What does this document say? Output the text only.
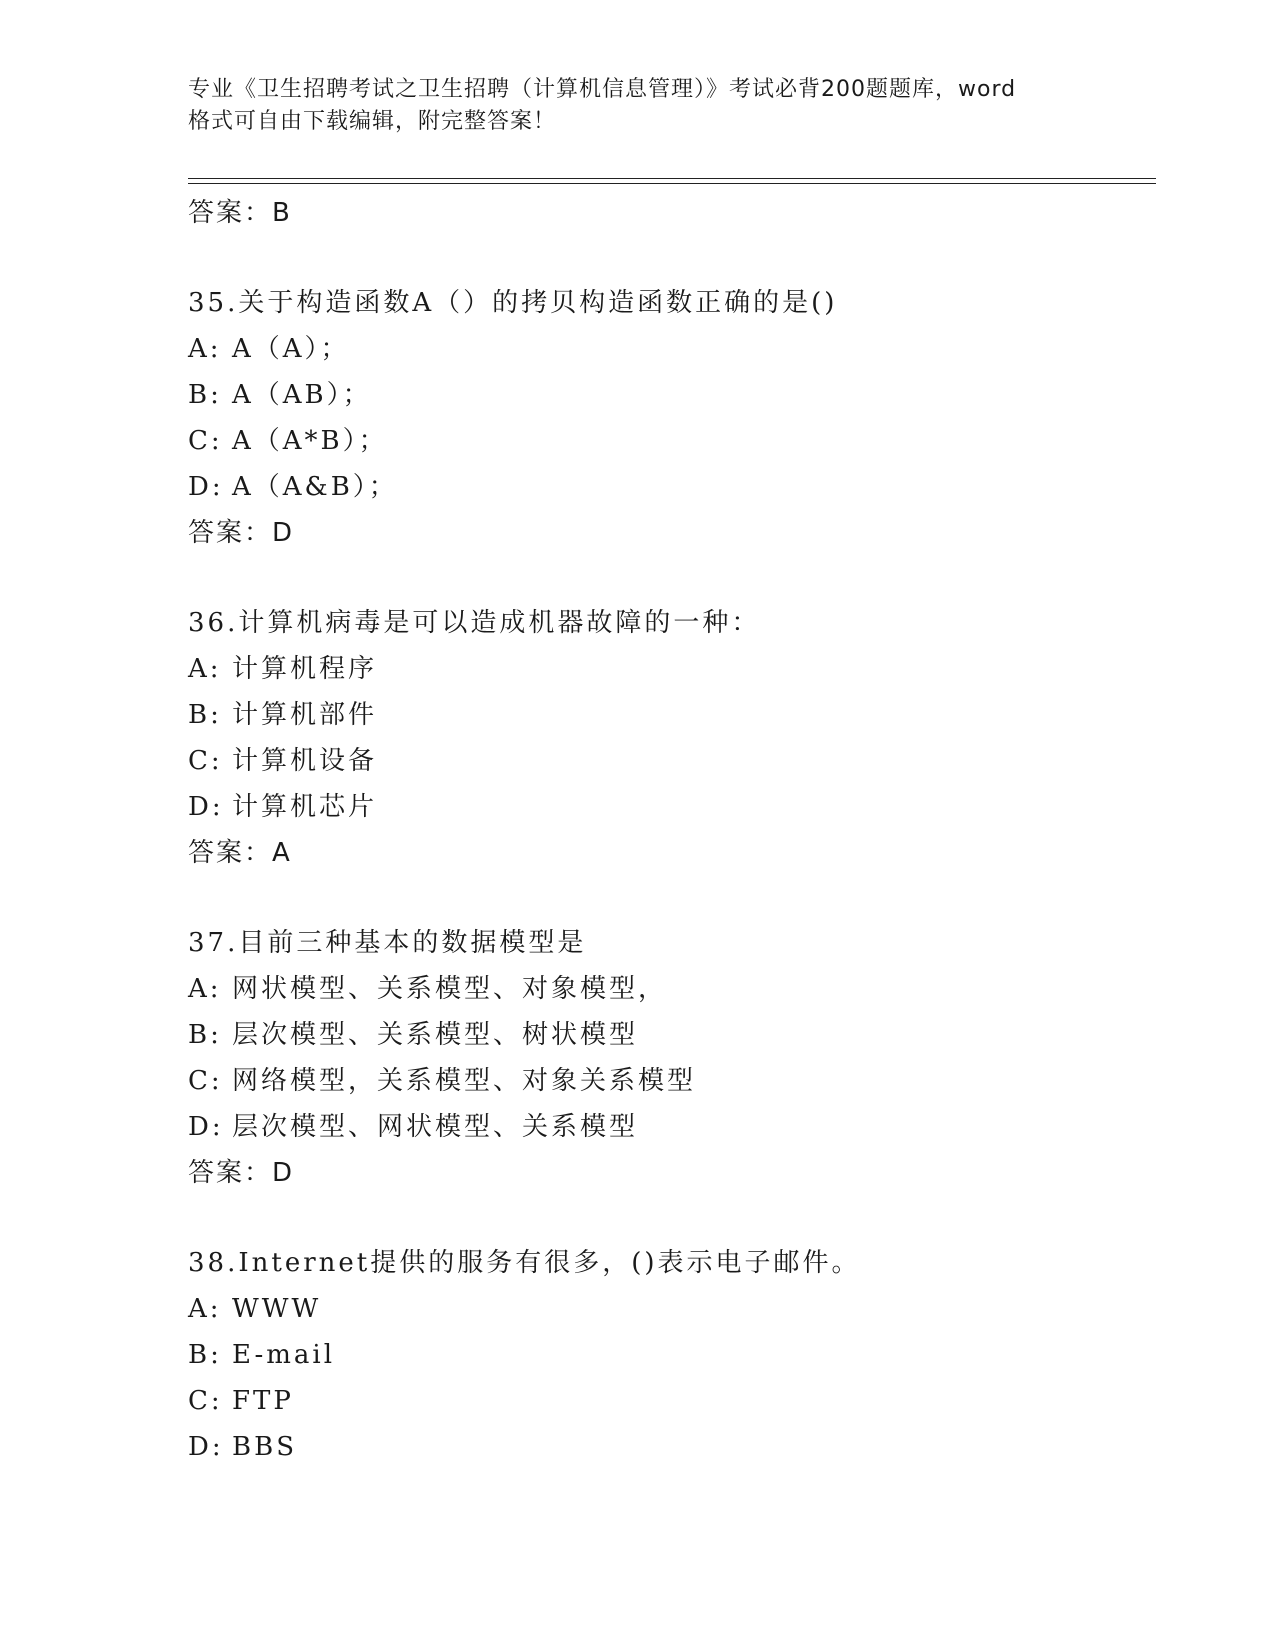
专业《卫生招聘考试之卫生招聘（计算机信息管理）》考试必背200题题库，word
格式可自由下载编辑，附完整答案！
答案：B
35.关于构造函数A（）的拷贝构造函数正确的是()
A: A（A）；
B: A（AB）；
C: A（A*B）；
D: A（A&B）；
答案：D
36.计算机病毒是可以造成机器故障的一种：
A: 计算机程序
B: 计算机部件
C: 计算机设备
D: 计算机芯片
答案：A
37.目前三种基本的数据模型是
A: 网状模型、关系模型、对象模型，
B: 层次模型、关系模型、树状模型
C: 网络模型，关系模型、对象关系模型
D: 层次模型、网状模型、关系模型
答案：D
38.Internet提供的服务有很多，()表示电子邮件。
A: WWW
B: E-mail
C: FTP
D: BBS
